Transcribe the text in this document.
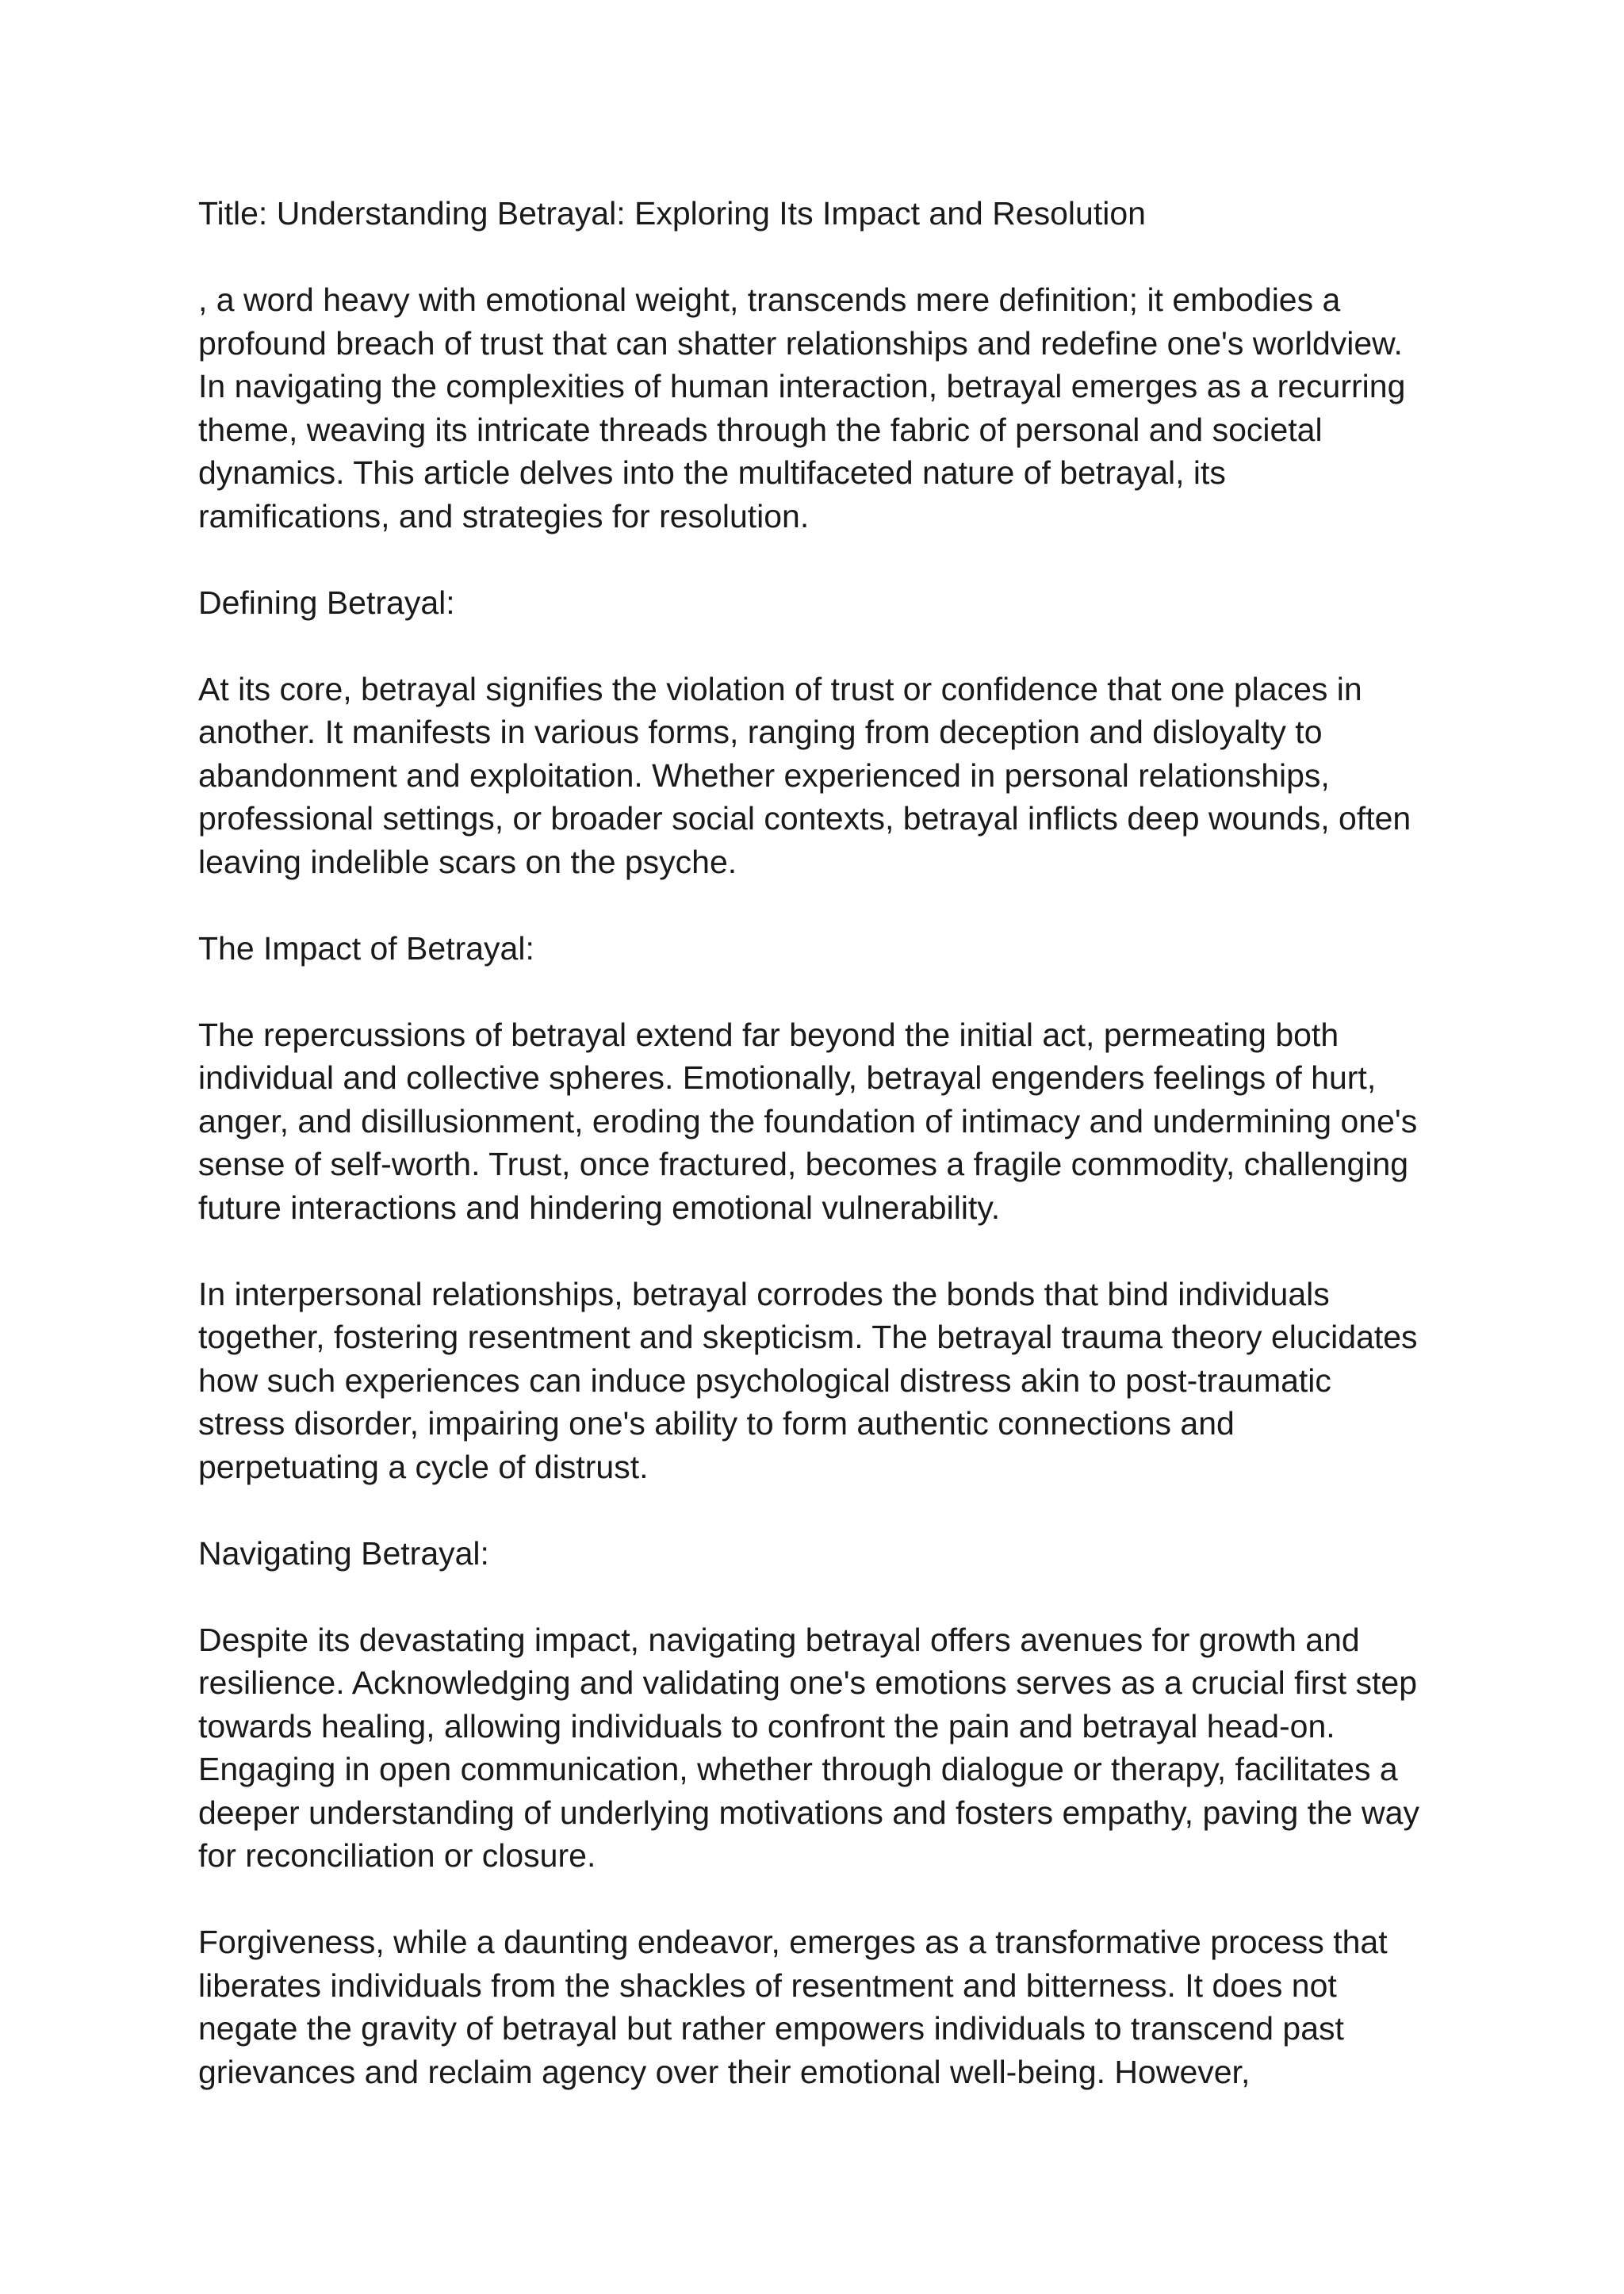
Title: Understanding Betrayal: Exploring Its Impact and Resolution

, a word heavy with emotional weight, transcends mere definition; it embodies a
profound breach of trust that can shatter relationships and redefine one's worldview.
In navigating the complexities of human interaction, betrayal emerges as a recurring
theme, weaving its intricate threads through the fabric of personal and societal
dynamics. This article delves into the multifaceted nature of betrayal, its
ramifications, and strategies for resolution.

Defining Betrayal:

At its core, betrayal signifies the violation of trust or confidence that one places in
another. It manifests in various forms, ranging from deception and disloyalty to
abandonment and exploitation. Whether experienced in personal relationships,
professional settings, or broader social contexts, betrayal inflicts deep wounds, often
leaving indelible scars on the psyche.

The Impact of Betrayal:

The repercussions of betrayal extend far beyond the initial act, permeating both
individual and collective spheres. Emotionally, betrayal engenders feelings of hurt,
anger, and disillusionment, eroding the foundation of intimacy and undermining one's
sense of self-worth. Trust, once fractured, becomes a fragile commodity, challenging
future interactions and hindering emotional vulnerability.

In interpersonal relationships, betrayal corrodes the bonds that bind individuals
together, fostering resentment and skepticism. The betrayal trauma theory elucidates
how such experiences can induce psychological distress akin to post-traumatic
stress disorder, impairing one's ability to form authentic connections and
perpetuating a cycle of distrust.

Navigating Betrayal:

Despite its devastating impact, navigating betrayal offers avenues for growth and
resilience. Acknowledging and validating one's emotions serves as a crucial first step
towards healing, allowing individuals to confront the pain and betrayal head-on.
Engaging in open communication, whether through dialogue or therapy, facilitates a
deeper understanding of underlying motivations and fosters empathy, paving the way
for reconciliation or closure.

Forgiveness, while a daunting endeavor, emerges as a transformative process that
liberates individuals from the shackles of resentment and bitterness. It does not
negate the gravity of betrayal but rather empowers individuals to transcend past
grievances and reclaim agency over their emotional well-being. However,
